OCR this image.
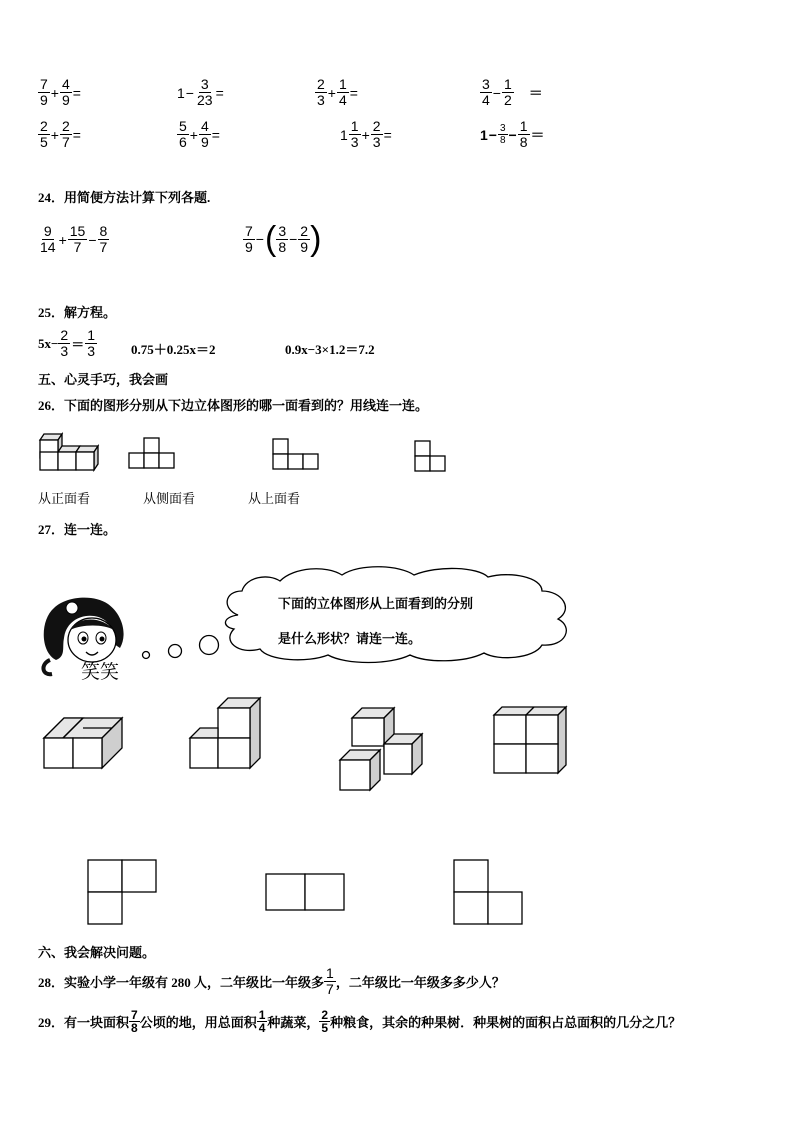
$\frac{7}{9} + \frac{4}{9}$ =	$1 - \frac{3}{23}$ =	$\frac{2}{3} + \frac{1}{4}$ =	$\frac{3}{4} - \frac{1}{2}$ ＝
$\frac{2}{5} + \frac{2}{7}$ =	$\frac{5}{6} + \frac{4}{9}$ =	$1 \frac{1}{3} + \frac{2}{3}$ =	$1 - \frac{3}{8} - \frac{1}{8}$ ＝
24．用简便方法计算下列各题.
$\frac{9}{14} + \frac{15}{7} - \frac{8}{7}$	$\frac{7}{9}$ − ( $\frac{3}{8} - \frac{2}{9}$ )
25．解方程。
$5x- \frac{2}{3} = \frac{1}{3}$	0.75＋0.25x＝2	0.9x−3×1.2＝7.2
五、心灵手巧，我会画
26．下面的图形分别从下边立体图形的哪一面看到的？用线连一连。
从正面看	从侧面看	从上面看
27．连一连。
笑笑
下面的立体图形从上面看到的分别
是什么形状？请连一连。
六、我会解决问题。
28．实验小学一年级有 280 人，二年级比一年级多 $\frac{1}{7}$ ，二年级比一年级多多少人？
29．有一块面积 $\frac{7}{8}$ 公顷的地，用总面积 $\frac{1}{4}$ 种蔬菜， $\frac{2}{5}$ 种粮食，其余的种果树．种果树的面积占总面积的几分之几？
